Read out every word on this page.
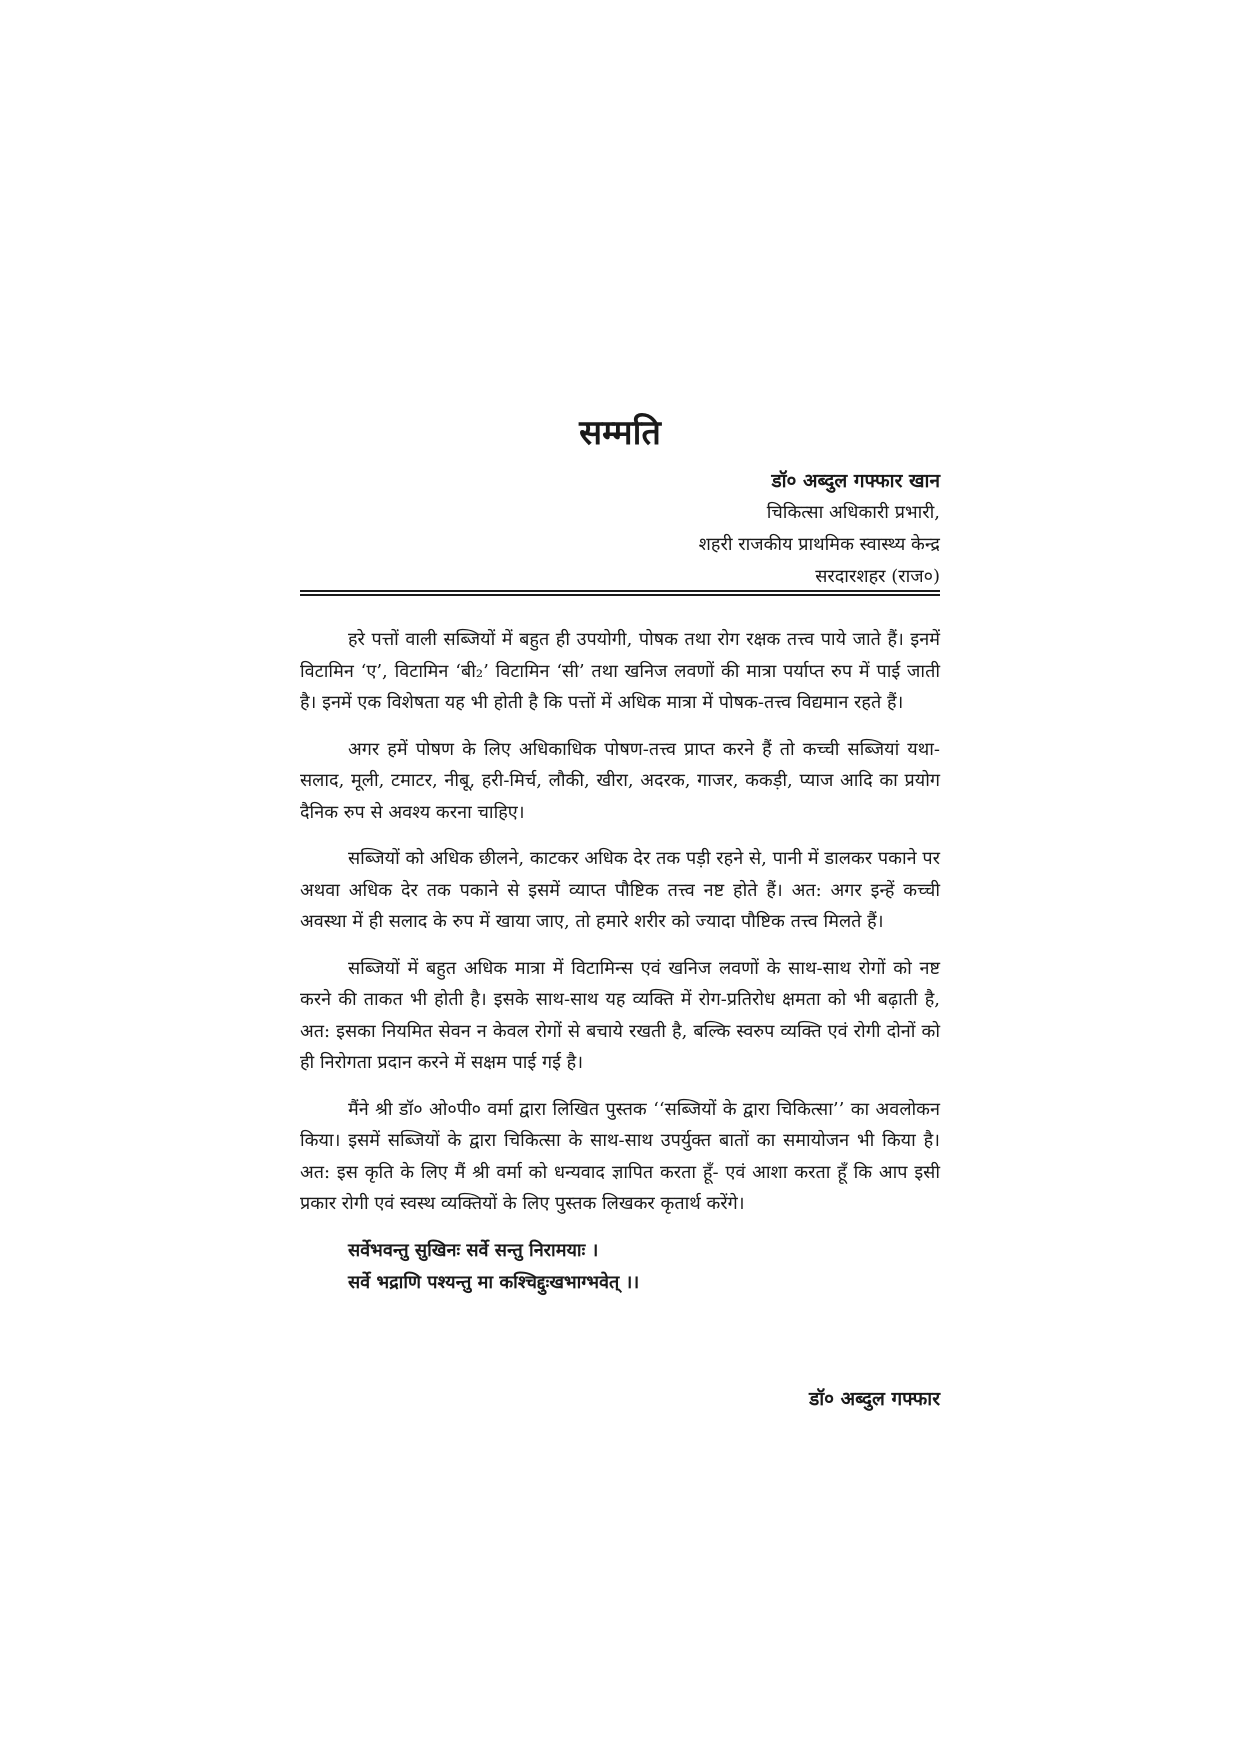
सम्मति
डॉ० अब्दुल गफ्फार खान
चिकित्सा अधिकारी प्रभारी,
शहरी राजकीय प्राथमिक स्वास्थ्य केन्द्र
सरदारशहर (राज०)

हरे पत्तों वाली सब्जियों में बहुत ही उपयोगी, पोषक तथा रोग रक्षक तत्त्व पाये जाते हैं। इनमें विटामिन ‘ए’, विटामिन ‘बी₂’ विटामिन ‘सी’ तथा खनिज लवणों की मात्रा पर्याप्त रुप में पाई जाती है। इनमें एक विशेषता यह भी होती है कि पत्तों में अधिक मात्रा में पोषक-तत्त्व विद्यमान रहते हैं।

अगर हमें पोषण के लिए अधिकाधिक पोषण-तत्त्व प्राप्त करने हैं तो कच्ची सब्जियां यथा-सलाद, मूली, टमाटर, नीबू, हरी-मिर्च, लौकी, खीरा, अदरक, गाजर, ककड़ी, प्याज आदि का प्रयोग दैनिक रुप से अवश्य करना चाहिए।

सब्जियों को अधिक छीलने, काटकर अधिक देर तक पड़ी रहने से, पानी में डालकर पकाने पर अथवा अधिक देर तक पकाने से इसमें व्याप्त पौष्टिक तत्त्व नष्ट होते हैं। अत: अगर इन्हें कच्ची अवस्था में ही सलाद के रुप में खाया जाए, तो हमारे शरीर को ज्यादा पौष्टिक तत्त्व मिलते हैं।

सब्जियों में बहुत अधिक मात्रा में विटामिन्स एवं खनिज लवणों के साथ-साथ रोगों को नष्ट करने की ताकत भी होती है। इसके साथ-साथ यह व्यक्ति में रोग-प्रतिरोध क्षमता को भी बढ़ाती है, अत: इसका नियमित सेवन न केवल रोगों से बचाये रखती है, बल्कि स्वरुप व्यक्ति एवं रोगी दोनों को ही निरोगता प्रदान करने में सक्षम पाई गई है।

मैंने श्री डॉ० ओ०पी० वर्मा द्वारा लिखित पुस्तक ‘‘सब्जियों के द्वारा चिकित्सा’’ का अवलोकन किया। इसमें सब्जियों के द्वारा चिकित्सा के साथ-साथ उपर्युक्त बातों का समायोजन भी किया है। अत: इस कृति के लिए मैं श्री वर्मा को धन्यवाद ज्ञापित करता हूँ- एवं आशा करता हूँ कि आप इसी प्रकार रोगी एवं स्वस्थ व्यक्तियों के लिए पुस्तक लिखकर कृतार्थ करेंगे।

सर्वेभवन्तु सुखिनः सर्वे सन्तु निरामयाः ।
सर्वे भद्राणि पश्यन्तु मा कश्चिद्दुःखभाग्भवेत् ।।
डॉ० अब्दुल गफ्फार
